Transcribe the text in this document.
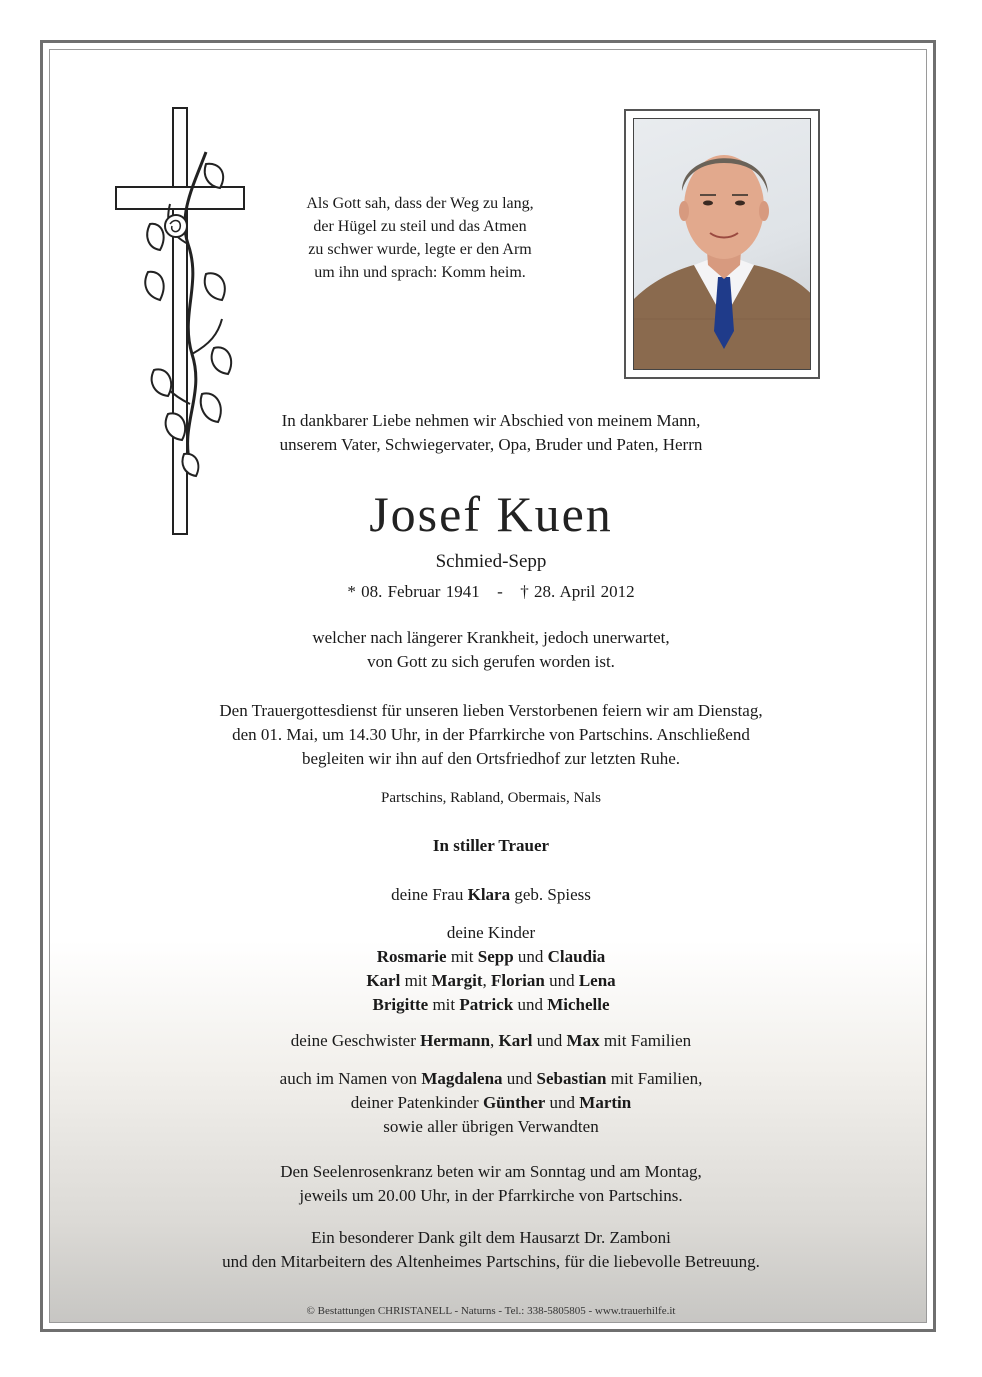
Als Gott sah, dass der Weg zu lang,
der Hügel zu steil und das Atmen
zu schwer wurde, legte er den Arm
um ihn und sprach: Komm heim.
In dankbarer Liebe nehmen wir Abschied von meinem Mann,
unserem Vater, Schwiegervater, Opa, Bruder und Paten, Herrn
Josef Kuen
Schmied-Sepp
* 08. Februar 1941 - † 28. April 2012
welcher nach längerer Krankheit, jedoch unerwartet,
von Gott zu sich gerufen worden ist.
Den Trauergottesdienst für unseren lieben Verstorbenen feiern wir am Dienstag,
den 01. Mai, um 14.30 Uhr, in der Pfarrkirche von Partschins. Anschließend
begleiten wir ihn auf den Ortsfriedhof zur letzten Ruhe.
Partschins, Rabland, Obermais, Nals
In stiller Trauer
deine Frau Klara geb. Spiess
deine Kinder
Rosmarie mit Sepp und Claudia
Karl mit Margit, Florian und Lena
Brigitte mit Patrick und Michelle
deine Geschwister Hermann, Karl und Max mit Familien
auch im Namen von Magdalena und Sebastian mit Familien,
deiner Patenkinder Günther und Martin
sowie aller übrigen Verwandten
Den Seelenrosenkranz beten wir am Sonntag und am Montag,
jeweils um 20.00 Uhr, in der Pfarrkirche von Partschins.
Ein besonderer Dank gilt dem Hausarzt Dr. Zamboni
und den Mitarbeitern des Altenheimes Partschins, für die liebevolle Betreuung.
© Bestattungen CHRISTANELL - Naturns - Tel.: 338-5805805 - www.trauerhilfe.it
